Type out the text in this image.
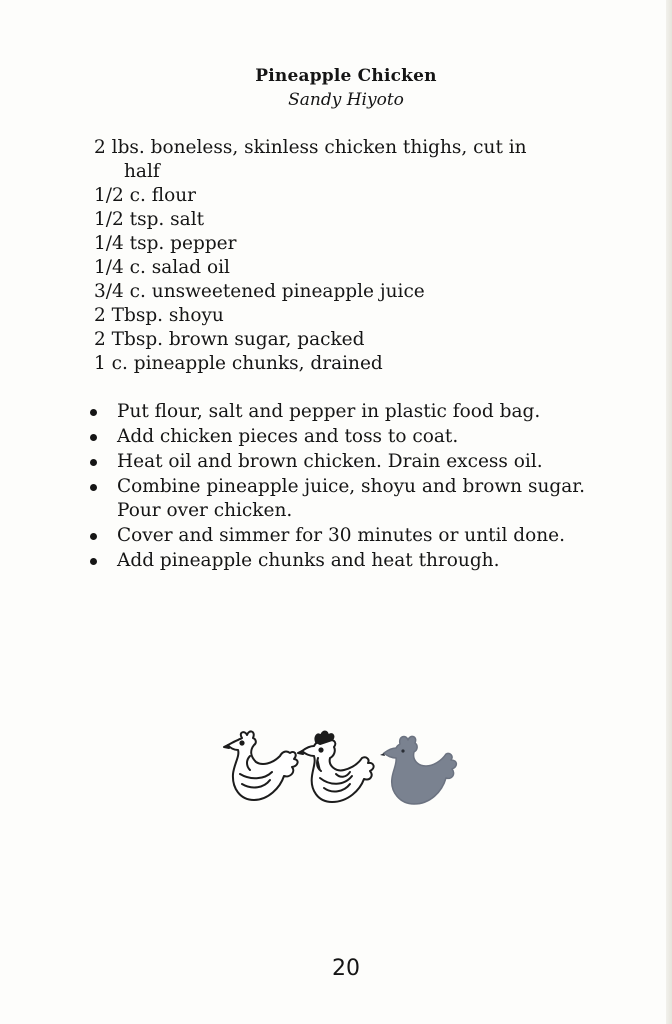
Pineapple Chicken
Sandy Hiyoto
2 lbs. boneless, skinless chicken thighs, cut in
half
1/2 c. flour
1/2 tsp. salt
1/4 tsp. pepper
1/4 c. salad oil
3/4 c. unsweetened pineapple juice
2 Tbsp. shoyu
2 Tbsp. brown sugar, packed
1 c. pineapple chunks, drained
Put flour, salt and pepper in plastic food bag.
Add chicken pieces and toss to coat.
Heat oil and brown chicken. Drain excess oil.
Combine pineapple juice, shoyu and brown sugar. Pour over chicken.
Cover and simmer for 30 minutes or until done.
Add pineapple chunks and heat through.
20
